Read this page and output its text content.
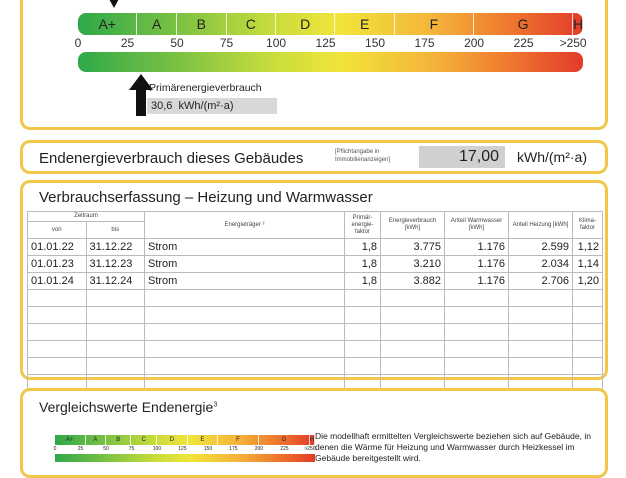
A+	A	B	C	D	E	F	G	H
0	25	50	75	100	125	150	175	200	225	>250
Primärenergieverbrauch
30,6 kWh/(m²·a)
Endenergieverbrauch dieses Gebäudes	[Pflichtangabe in Immobilienanzeigen]	17,00	kWh/(m²·a)
Verbrauchserfassung – Heizung und Warmwasser
Zeitraum		Energieträger ²	Primär-energie-faktor	Energieverbrauch [kWh]	Anteil Warmwasser [kWh]	Anteil Heizung [kWh]	Klima-faktor
von	bis						
01.01.22	31.12.22	Strom	1,8	3.775	1.176	2.599	1,12
01.01.23	31.12.23	Strom	1,8	3.210	1.176	2.034	1,14
01.01.24	31.12.24	Strom	1,8	3.882	1.176	2.706	1,20

Vergleichswerte Endenergie$^3$
A+	A	B	C	D	E	F	G	H
0	25	50	75	100	125	150	175	200	225	>250
Die modellhaft ermittelten Vergleichswerte beziehen sich auf Gebäude, in denen die Wärme für Heizung und Warmwasser durch Heizkessel im Gebäude bereitgestellt wird.
